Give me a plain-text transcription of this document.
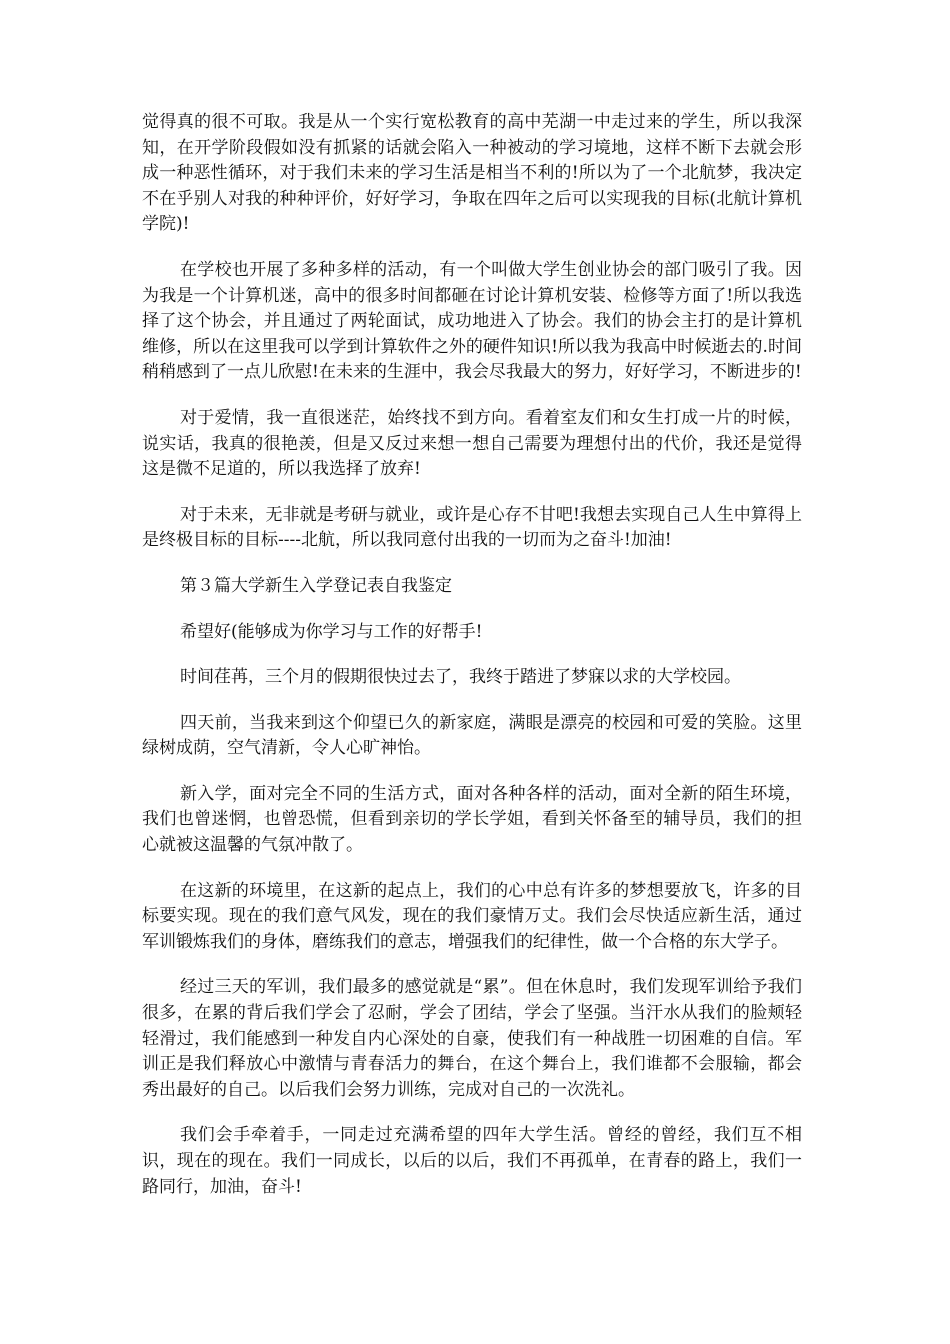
觉得真的很不可取。我是从一个实行宽松教育的高中芜湖一中走过来的学生，所以我深知，在开学阶段假如没有抓紧的话就会陷入一种被动的学习境地，这样不断下去就会形成一种恶性循环，对于我们未来的学习生活是相当不利的!所以为了一个北航梦，我决定不在乎别人对我的种种评价，好好学习，争取在四年之后可以实现我的目标(北航计算机学院)!

在学校也开展了多种多样的活动，有一个叫做大学生创业协会的部门吸引了我。因为我是一个计算机迷，高中的很多时间都砸在讨论计算机安装、检修等方面了!所以我选择了这个协会，并且通过了两轮面试，成功地进入了协会。我们的协会主打的是计算机维修，所以在这里我可以学到计算软件之外的硬件知识!所以我为我高中时候逝去的.时间稍稍感到了一点儿欣慰!在未来的生涯中，我会尽我最大的努力，好好学习，不断进步的!

对于爱情，我一直很迷茫，始终找不到方向。看着室友们和女生打成一片的时候，说实话，我真的很艳羡，但是又反过来想一想自己需要为理想付出的代价，我还是觉得这是微不足道的，所以我选择了放弃!

对于未来，无非就是考研与就业，或许是心存不甘吧!我想去实现自己人生中算得上是终极目标的目标----北航，所以我同意付出我的一切而为之奋斗!加油!

第３篇大学新生入学登记表自我鉴定

希望好(能够成为你学习与工作的好帮手!

时间荏苒，三个月的假期很快过去了，我终于踏进了梦寐以求的大学校园。

四天前，当我来到这个仰望已久的新家庭，满眼是漂亮的校园和可爱的笑脸。这里绿树成荫，空气清新，令人心旷神怡。

新入学，面对完全不同的生活方式，面对各种各样的活动，面对全新的陌生环境，我们也曾迷惘，也曾恐慌，但看到亲切的学长学姐，看到关怀备至的辅导员，我们的担心就被这温馨的气氛冲散了。

在这新的环境里，在这新的起点上，我们的心中总有许多的梦想要放飞，许多的目标要实现。现在的我们意气风发，现在的我们豪情万丈。我们会尽快适应新生活，通过军训锻炼我们的身体，磨练我们的意志，增强我们的纪律性，做一个合格的东大学子。

经过三天的军训，我们最多的感觉就是“累”。但在休息时，我们发现军训给予我们很多，在累的背后我们学会了忍耐，学会了团结，学会了坚强。当汗水从我们的脸颊轻轻滑过，我们能感到一种发自内心深处的自豪，使我们有一种战胜一切困难的自信。军训正是我们释放心中激情与青春活力的舞台，在这个舞台上，我们谁都不会服输，都会秀出最好的自己。以后我们会努力训练，完成对自己的一次洗礼。

我们会手牵着手，一同走过充满希望的四年大学生活。曾经的曾经，我们互不相识，现在的现在。我们一同成长，以后的以后，我们不再孤单，在青春的路上，我们一路同行，加油，奋斗!
